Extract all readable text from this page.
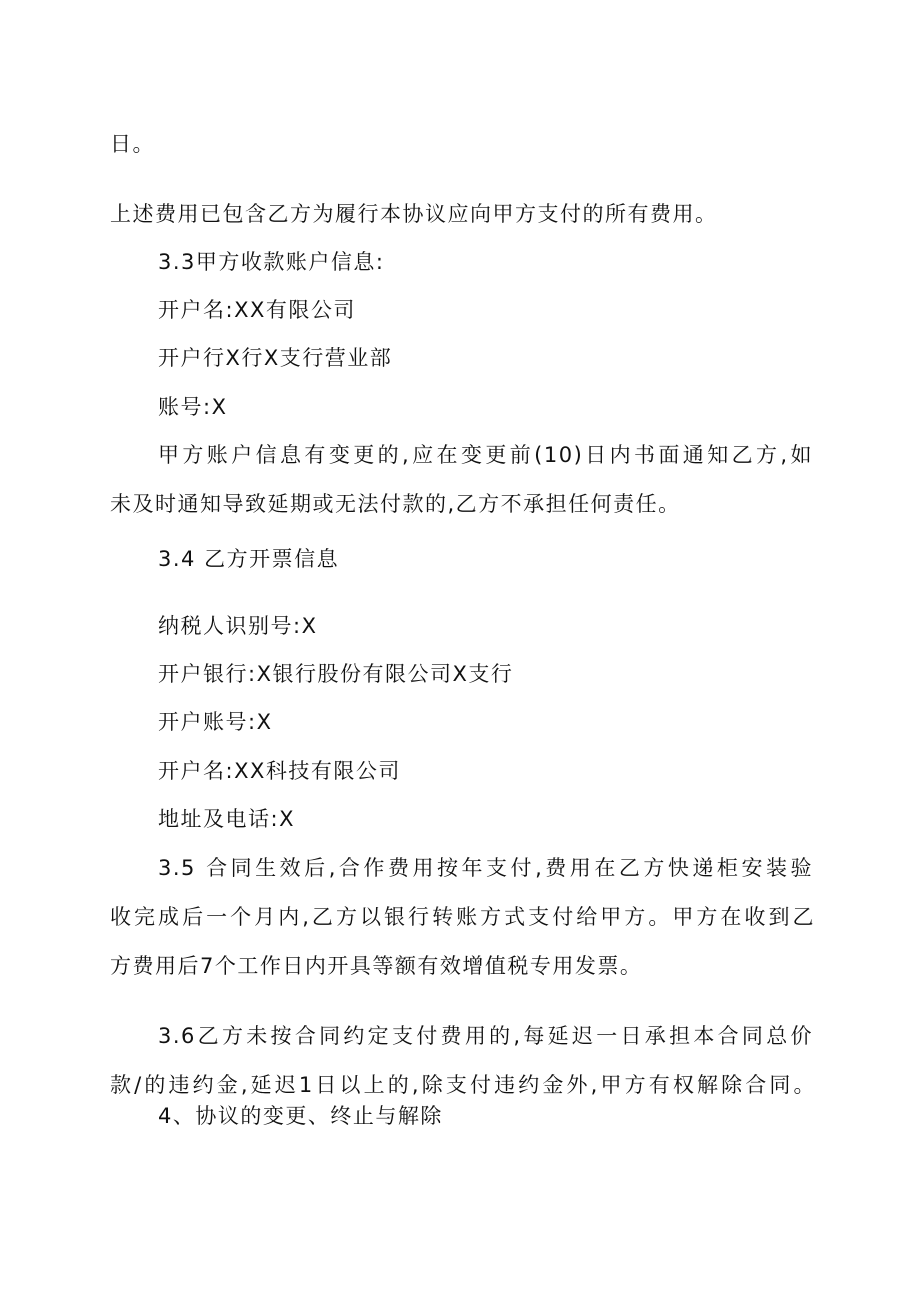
日。
上述费用已包含乙方为履行本协议应向甲方支付的所有费用。
3.3甲方收款账户信息:
开户名:XX有限公司
开户行X行X支行营业部
账号:X
甲方账户信息有变更的,应在变更前(10)日内书面通知乙方,如
未及时通知导致延期或无法付款的,乙方不承担任何责任。
3.4 乙方开票信息
纳税人识别号:X
开户银行:X银行股份有限公司X支行
开户账号:X
开户名:XX科技有限公司
地址及电话:X
3.5 合同生效后,合作费用按年支付,费用在乙方快递柜安装验
收完成后一个月内,乙方以银行转账方式支付给甲方。甲方在收到乙
方费用后7个工作日内开具等额有效增值税专用发票。
3.6乙方未按合同约定支付费用的,每延迟一日承担本合同总价
款/的违约金,延迟1日以上的,除支付违约金外,甲方有权解除合同。
4、协议的变更、终止与解除
